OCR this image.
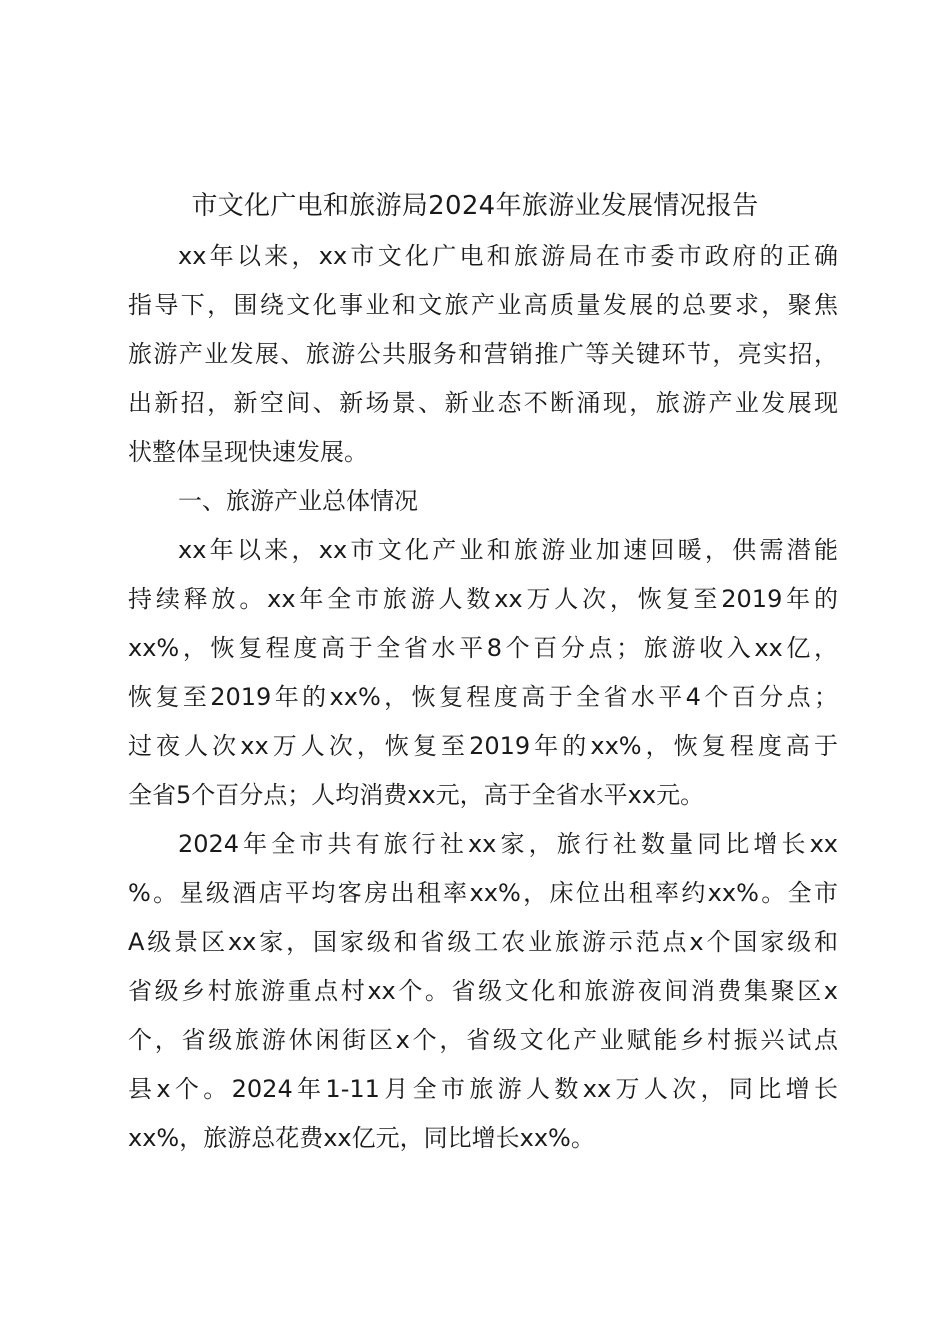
市文化广电和旅游局2024年旅游业发展情况报告
xx年以来，xx市文化广电和旅游局在市委市政府的正确
指导下，围绕文化事业和文旅产业高质量发展的总要求，聚焦
旅游产业发展、旅游公共服务和营销推广等关键环节，亮实招，
出新招，新空间、新场景、新业态不断涌现，旅游产业发展现
状整体呈现快速发展。
一、旅游产业总体情况
xx年以来，xx市文化产业和旅游业加速回暖，供需潜能
持续释放。xx年全市旅游人数xx万人次，恢复至2019年的
xx%，恢复程度高于全省水平8个百分点；旅游收入xx亿，
恢复至2019年的xx%，恢复程度高于全省水平4个百分点；
过夜人次xx万人次，恢复至2019年的xx%，恢复程度高于
全省5个百分点；人均消费xx元，高于全省水平xx元。
2024年全市共有旅行社xx家，旅行社数量同比增长xx
%。星级酒店平均客房出租率xx%，床位出租率约xx%。全市
A级景区xx家，国家级和省级工农业旅游示范点x个国家级和
省级乡村旅游重点村xx个。省级文化和旅游夜间消费集聚区x
个，省级旅游休闲街区x个，省级文化产业赋能乡村振兴试点
县x个。2024年1-11月全市旅游人数xx万人次，同比增长
xx%，旅游总花费xx亿元，同比增长xx%。
